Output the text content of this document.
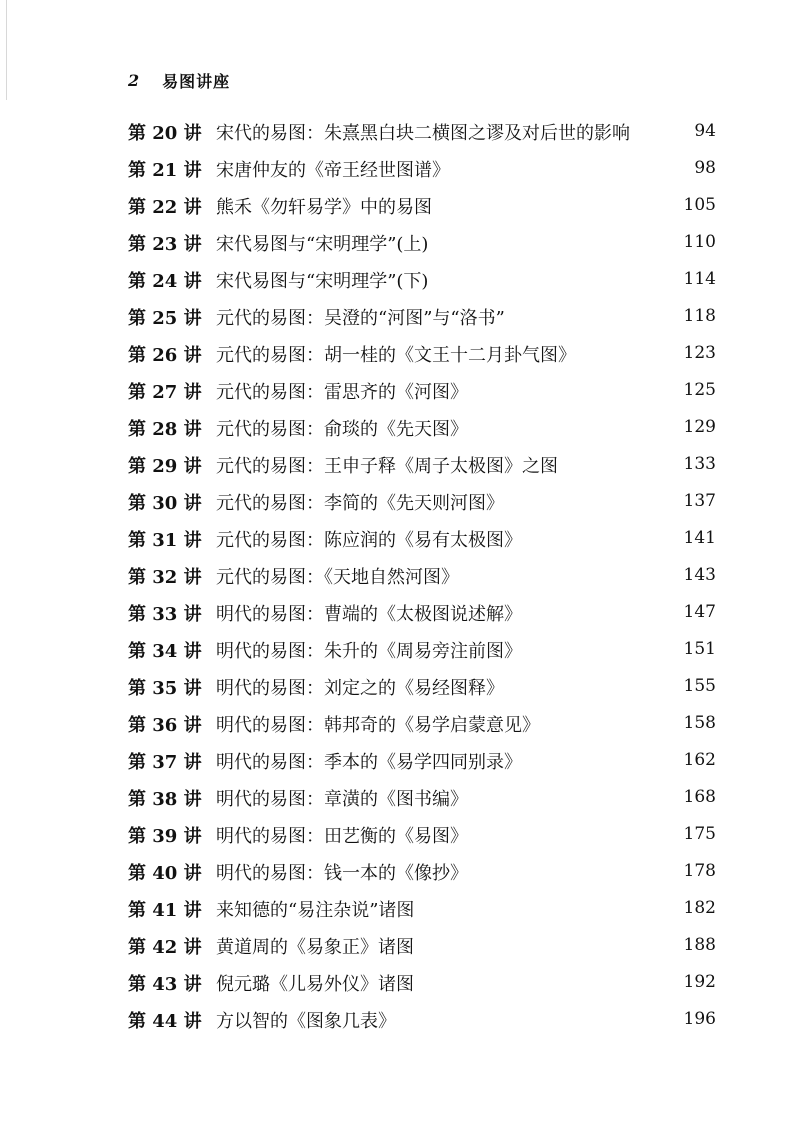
2 易图讲座
第 20 讲 宋代的易图：朱熹黑白块二横图之谬及对后世的影响	94
第 21 讲 宋唐仲友的《帝王经世图谱》	98
第 22 讲 熊禾《勿轩易学》中的易图	105
第 23 讲 宋代易图与“宋明理学”(上)	110
第 24 讲 宋代易图与“宋明理学”(下)	114
第 25 讲 元代的易图：吴澄的“河图”与“洛书”	118
第 26 讲 元代的易图：胡一桂的《文王十二月卦气图》	123
第 27 讲 元代的易图：雷思齐的《河图》	125
第 28 讲 元代的易图：俞琰的《先天图》	129
第 29 讲 元代的易图：王申子释《周子太极图》之图	133
第 30 讲 元代的易图：李简的《先天则河图》	137
第 31 讲 元代的易图：陈应润的《易有太极图》	141
第 32 讲 元代的易图：《天地自然河图》	143
第 33 讲 明代的易图：曹端的《太极图说述解》	147
第 34 讲 明代的易图：朱升的《周易旁注前图》	151
第 35 讲 明代的易图：刘定之的《易经图释》	155
第 36 讲 明代的易图：韩邦奇的《易学启蒙意见》	158
第 37 讲 明代的易图：季本的《易学四同别录》	162
第 38 讲 明代的易图：章潢的《图书编》	168
第 39 讲 明代的易图：田艺衡的《易图》	175
第 40 讲 明代的易图：钱一本的《像抄》	178
第 41 讲 来知德的“易注杂说”诸图	182
第 42 讲 黄道周的《易象正》诸图	188
第 43 讲 倪元璐《儿易外仪》诸图	192
第 44 讲 方以智的《图象几表》	196
